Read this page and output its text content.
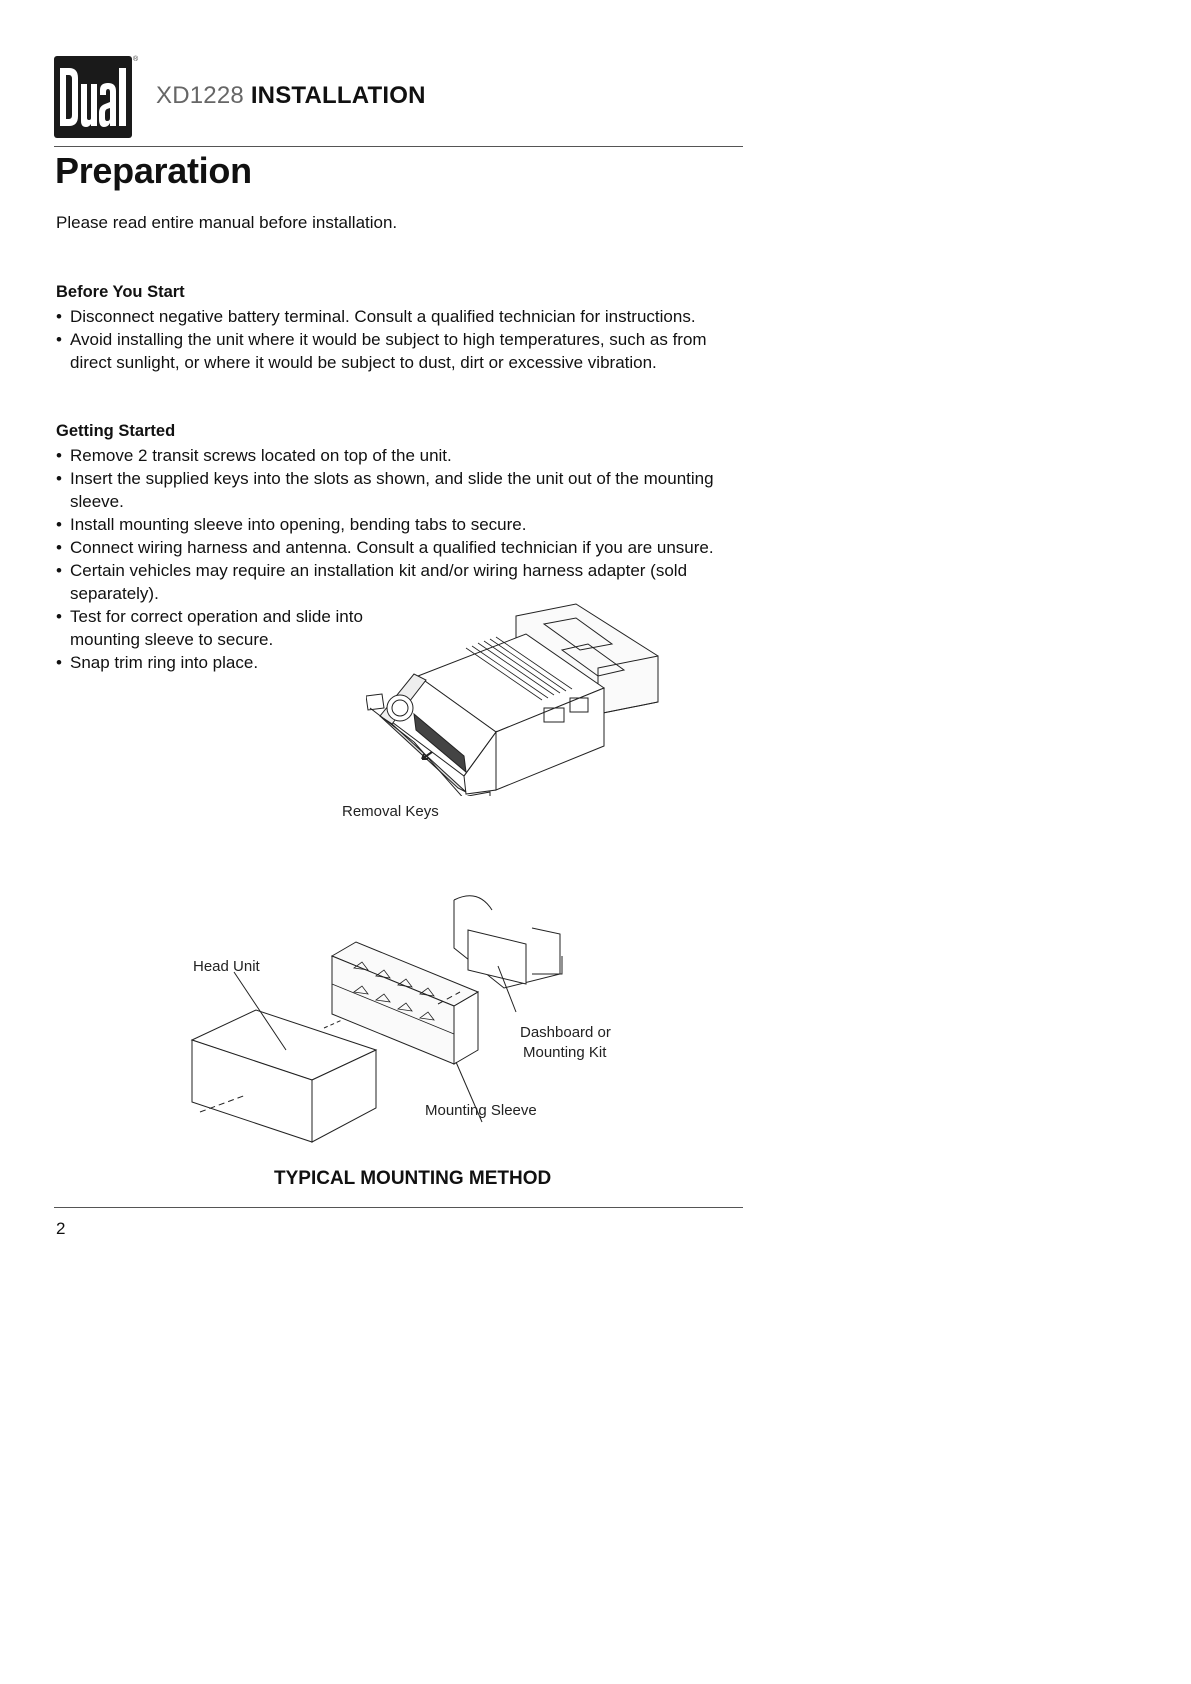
®
XD1228 INSTALLATION
Preparation
Please read entire manual before installation.
Before You Start
• Disconnect negative battery terminal. Consult a qualified technician for instructions.
• Avoid installing the unit where it would be subject to high temperatures, such as from direct sunlight, or where it would be subject to dust, dirt or excessive vibration.
Getting Started
• Remove 2 transit screws located on top of the unit.
• Insert the supplied keys into the slots as shown, and slide the unit out of the mounting sleeve.
• Install mounting sleeve into opening, bending tabs to secure.
• Connect wiring harness and antenna. Consult a qualified technician if you are unsure.
• Certain vehicles may require an installation kit and/or wiring harness adapter (sold separately).
• Test for correct operation and slide into mounting sleeve to secure.
• Snap trim ring into place.
Removal Keys
Head Unit
Dashboard or
Mounting Kit
Mounting Sleeve
TYPICAL MOUNTING METHOD
2
